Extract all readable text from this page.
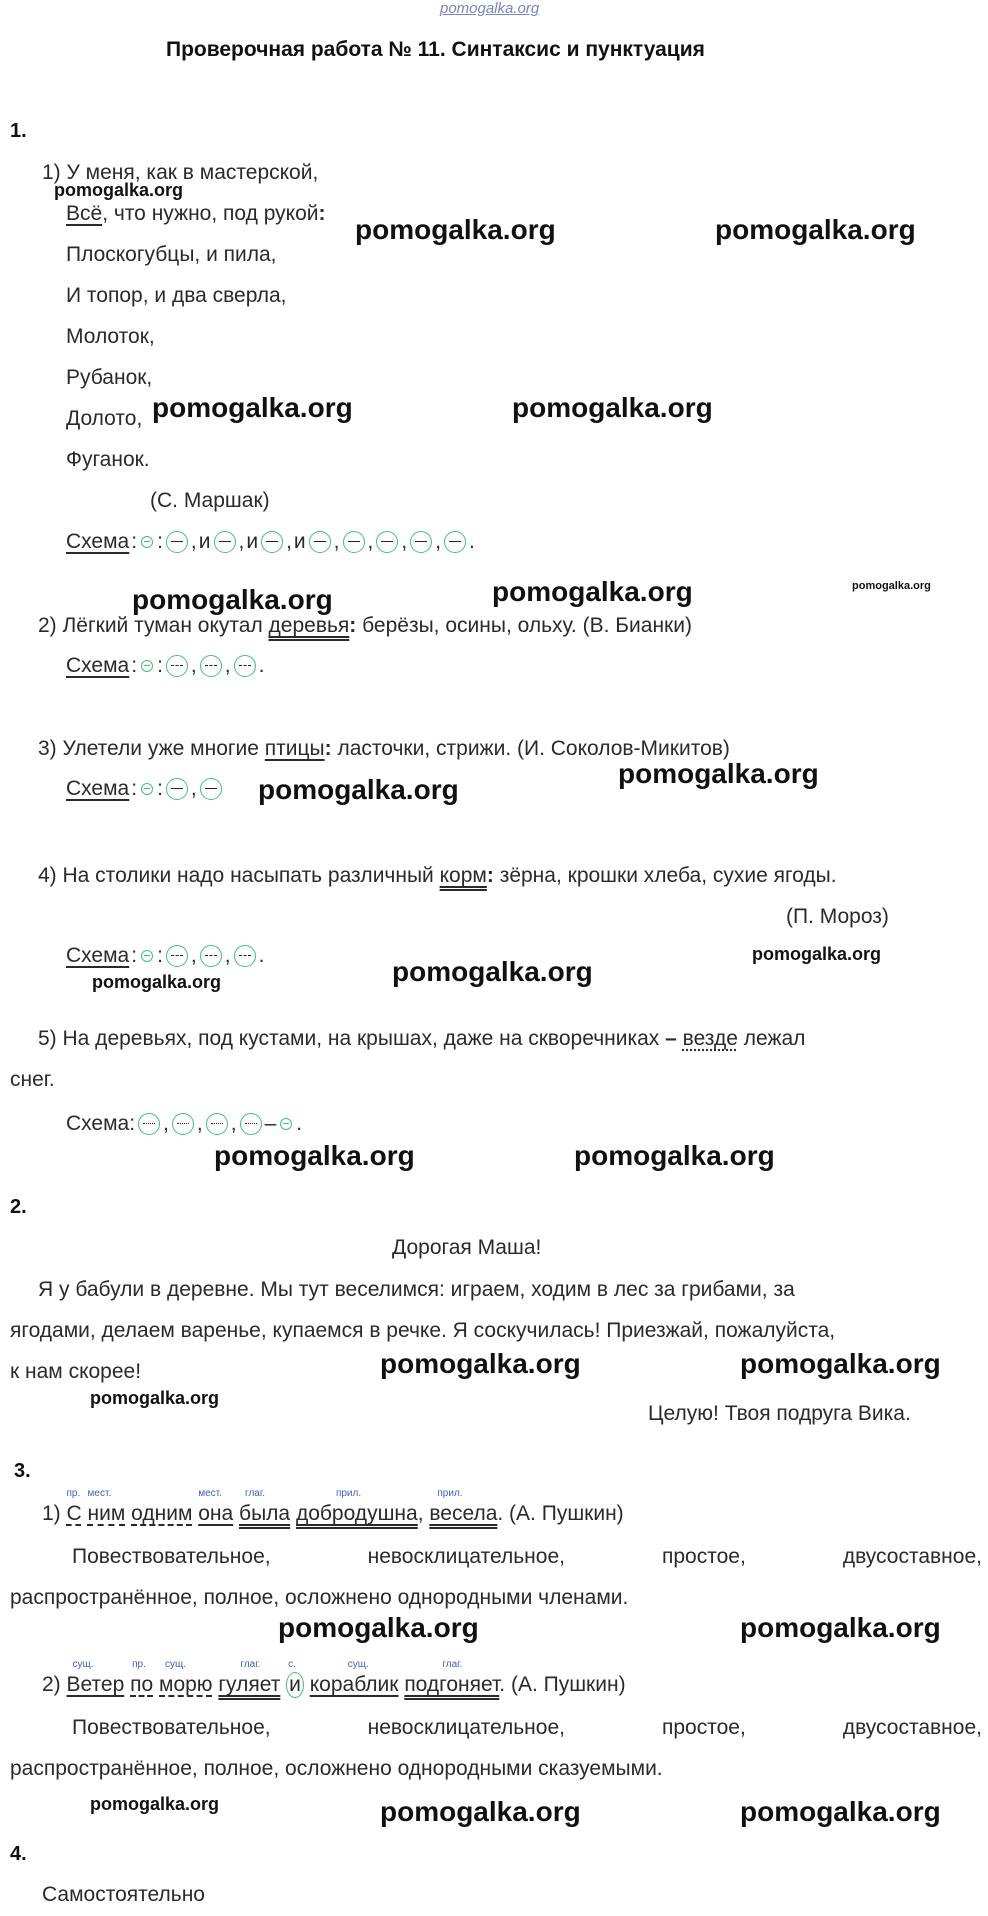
pomogalka.org
Проверочная работа № 11. Синтаксис и пунктуация
1.
1) У меня, как в мастерской,
Всё, что нужно, под рукой:
Плоскогубцы, и пила,
И топор, и два сверла,
Молоток,
Рубанок,
Долото,
Фуганок.
(С. Маршак)
Схема : : , и , и , и , , , , .
2) Лёгкий туман окутал деревья: берёзы, осины, ольху. (В. Бианки)
Схема : : , , .
3) Улетели уже многие птицы: ласточки, стрижи. (И. Соколов-Микитов)
Схема : : ,
4) На столики надо насыпать различный корм: зёрна, крошки хлеба, сухие ягоды.
(П. Мороз)
Схема : : , , .
5) На деревьях, под кустами, на крышах, даже на скворечниках – везде лежал
снег.
Схема: , , , – .
2.
Дорогая Маша!
Я у бабули в деревне. Мы тут веселимся: играем, ходим в лес за грибами, за
ягодами, делаем варенье, купаемся в речке. Я соскучилась! Приезжай, пожалуйста,
к нам скорее!
Целую! Твоя подруга Вика.
3.
1)
пр.
С
мест.
ним одним
мест.
она
глаг.
была
прил.
добродушна,
прил.
весела. (А. Пушкин)
Повествовательное,	невосклицательное,	простое,	двусоставное,
распространённое, полное, осложнено однородными членами.
2)
сущ.
Ветер
пр.
по
сущ.
морю
глаг.
гуляет
с.
и
сущ.
кораблик
глаг.
подгоняет. (А. Пушкин)
Повествовательное,	невосклицательное,	простое,	двусоставное,
распространённое, полное, осложнено однородными сказуемыми.
4.
Самостоятельно
pomogalka.org
pomogalka.org	pomogalka.org
pomogalka.org	pomogalka.org
pomogalka.org
pomogalka.org	pomogalka.org
pomogalka.org
pomogalka.org
pomogalka.org
pomogalka.org	pomogalka.org
pomogalka.org	pomogalka.org
pomogalka.org	pomogalka.org
pomogalka.org
pomogalka.org	pomogalka.org
pomogalka.org	pomogalka.org	pomogalka.org
